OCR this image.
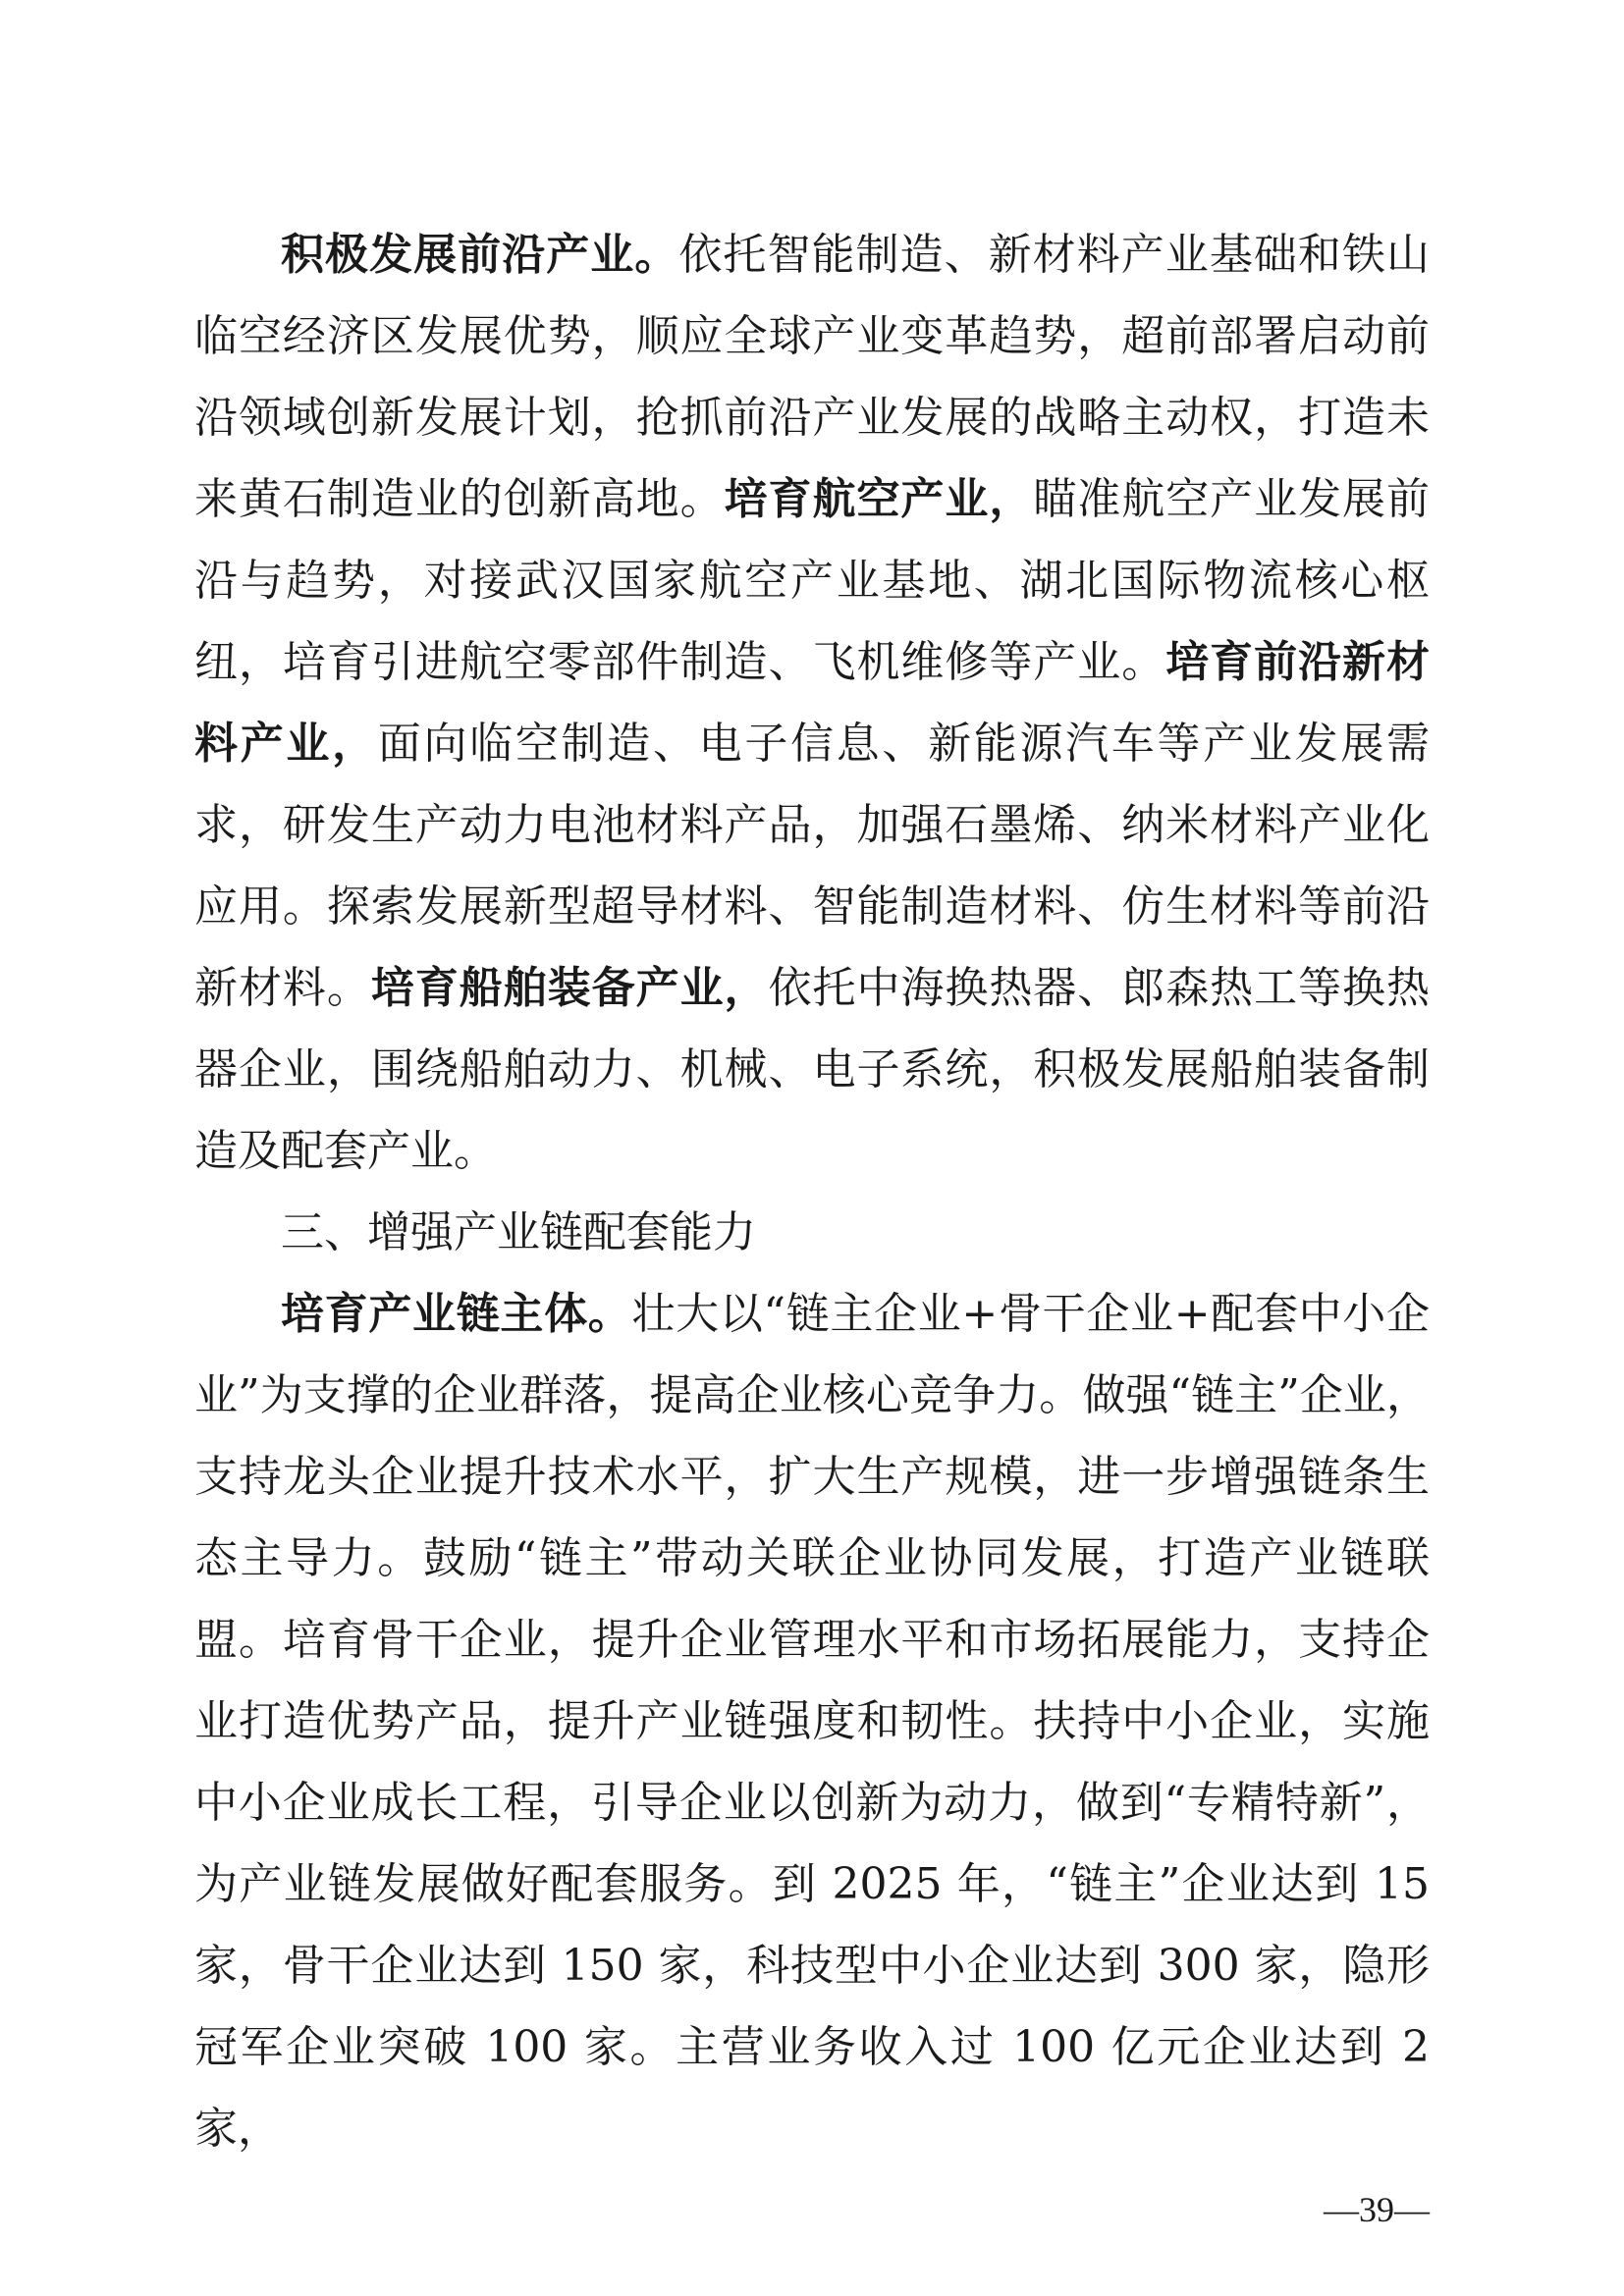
积极发展前沿产业。依托智能制造、新材料产业基础和铁山临空经济区发展优势，顺应全球产业变革趋势，超前部署启动前沿领域创新发展计划，抢抓前沿产业发展的战略主动权，打造未来黄石制造业的创新高地。培育航空产业，瞄准航空产业发展前沿与趋势，对接武汉国家航空产业基地、湖北国际物流核心枢纽，培育引进航空零部件制造、飞机维修等产业。培育前沿新材料产业，面向临空制造、电子信息、新能源汽车等产业发展需求，研发生产动力电池材料产品，加强石墨烯、纳米材料产业化应用。探索发展新型超导材料、智能制造材料、仿生材料等前沿新材料。培育船舶装备产业，依托中海换热器、郎森热工等换热器企业，围绕船舶动力、机械、电子系统，积极发展船舶装备制造及配套产业。

三、增强产业链配套能力

培育产业链主体。壮大以“链主企业+骨干企业+配套中小企业”为支撑的企业群落，提高企业核心竞争力。做强“链主”企业，支持龙头企业提升技术水平，扩大生产规模，进一步增强链条生态主导力。鼓励“链主”带动关联企业协同发展，打造产业链联盟。培育骨干企业，提升企业管理水平和市场拓展能力，支持企业打造优势产品，提升产业链强度和韧性。扶持中小企业，实施中小企业成长工程，引导企业以创新为动力，做到“专精特新”，为产业链发展做好配套服务。到 2025 年，“链主”企业达到 15 家，骨干企业达到 150 家，科技型中小企业达到 300 家，隐形冠军企业突破 100 家。主营业务收入过 100 亿元企业达到 2 家，

—39—
